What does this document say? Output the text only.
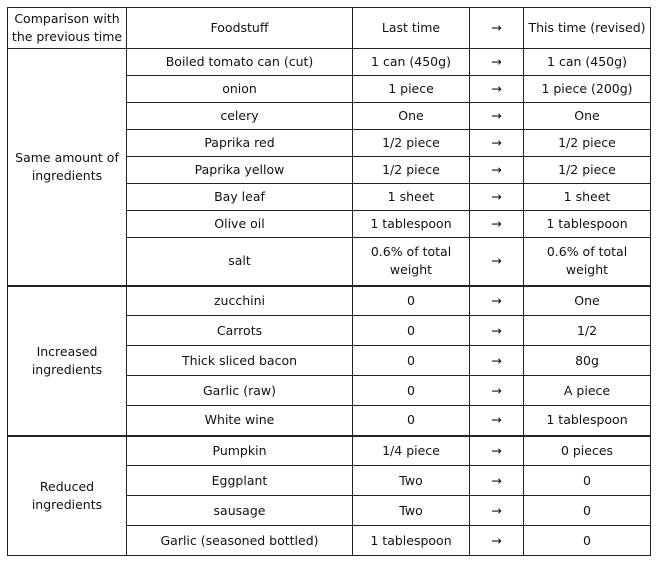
Comparison with the previous time	Foodstuff	Last time	→	This time (revised)
Same amount of ingredients	Boiled tomato can (cut)	1 can (450g)	→	1 can (450g)
	onion	1 piece	→	1 piece (200g)
	celery	One	→	One
	Paprika red	1/2 piece	→	1/2 piece
	Paprika yellow	1/2 piece	→	1/2 piece
	Bay leaf	1 sheet	→	1 sheet
	Olive oil	1 tablespoon	→	1 tablespoon
	salt	0.6% of total weight	→	0.6% of total weight
Increased ingredients	zucchini	0	→	One
	Carrots	0	→	1/2
	Thick sliced bacon	0	→	80g
	Garlic (raw)	0	→	A piece
	White wine	0	→	1 tablespoon
Reduced ingredients	Pumpkin	1/4 piece	→	0 pieces
	Eggplant	Two	→	0
	sausage	Two	→	0
	Garlic (seasoned bottled)	1 tablespoon	→	0
